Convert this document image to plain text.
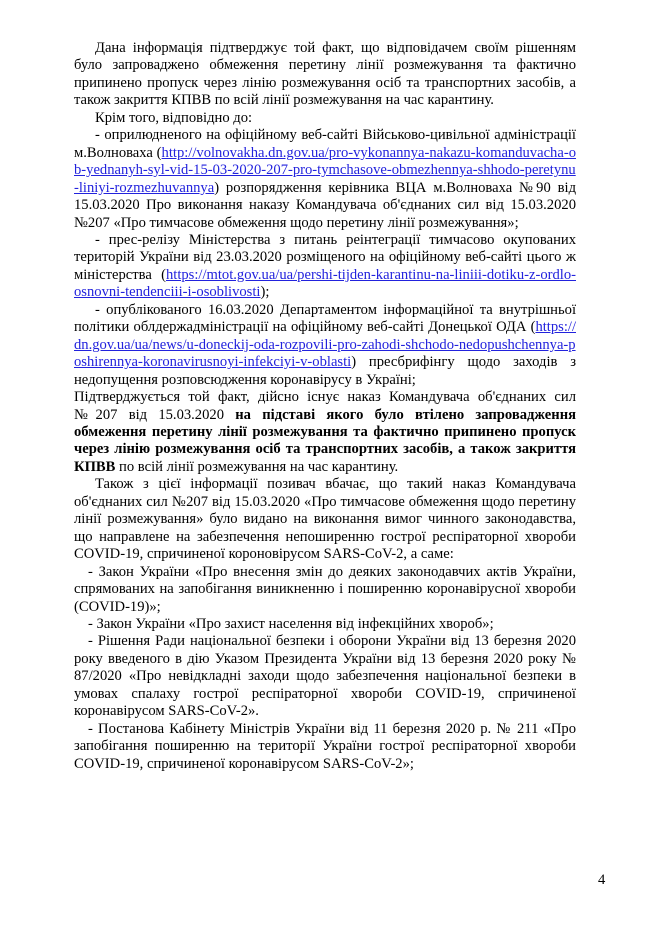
Дана інформація підтверджує той факт, що відповідачем своїм рішенням було запроваджено обмеження перетину лінії розмежування та фактично припинено пропуск через лінію розмежування осіб та транспортних засобів, а також закриття КПВВ по всій лінії розмежування на час карантину.

Крім того, відповідно до:

- оприлюдненого на офіційному веб-сайті Військово-цивільної адміністрації м.Волноваха (http://volnovakha.dn.gov.ua/pro-vykonannya-nakazu-komanduvacha-ob-yednanyh-syl-vid-15-03-2020-207-pro-tymchasove-obmezhennya-shhodo-peretynu-liniyi-rozmezhuvannya) розпорядження керівника ВЦА м.Волноваха №90 від 15.03.2020 Про виконання наказу Командувача об'єднаних сил від 15.03.2020 №207 «Про тимчасове обмеження щодо перетину лінії розмежування»;

- прес-релізу Міністерства з питань реінтеграції тимчасово окупованих територій України від 23.03.2020 розміщеного на офіційному веб-сайті цього ж міністерства (https://mtot.gov.ua/ua/pershi-tijden-karantinu-na-liniii-dotiku-z-ordlo-osnovni-tendenciii-i-osoblivosti);

- опублікованого 16.03.2020 Департаментом інформаційної та внутрішньої політики облдержадміністрації на офіційному веб-сайті Донецької ОДА (https://dn.gov.ua/ua/news/u-doneckij-oda-rozpovili-pro-zahodi-shchodo-nedopushchennya-poshirennya-koronavirusnoyi-infekciyi-v-oblasti) пресбрифінгу щодо заходів з недопущення розповсюдження коронавірусу в Україні;

Підтверджується той факт, дійсно існує наказ Командувача об'єднаних сил №207 від 15.03.2020 на підставі якого було втілено запровадження обмеження перетину лінії розмежування та фактично припинено пропуск через лінію розмежування осіб та транспортних засобів, а також закриття КПВВ по всій лінії розмежування на час карантину.

Також з цієї інформації позивач вбачає, що такий наказ Командувача об'єднаних сил №207 від 15.03.2020 «Про тимчасове обмеження щодо перетину лінії розмежування» було видано на виконання вимог чинного законодавства, що направлене на забезпечення непоширенню гострої респіраторної хвороби COVID-19, спричиненої короновірусом SARS-CoV-2, а саме:

- Закон України «Про внесення змін до деяких законодавчих актів України, спрямованих на запобігання виникненню і поширенню коронавірусної хвороби (COVID-19)»;

- Закон України «Про захист населення від інфекційних хвороб»;

- Рішення Ради національної безпеки і оборони України від 13 березня 2020 року введеного в дію Указом Президента України від 13 березня 2020 року № 87/2020 «Про невідкладні заходи щодо забезпечення національної безпеки в умовах спалаху гострої респіраторної хвороби COVID-19, спричиненої коронавірусом SARS-CoV-2».

- Постанова Кабінету Міністрів України від 11 березня 2020 р. № 211 «Про запобігання поширенню на території України гострої респіраторної хвороби COVID-19, спричиненої коронавірусом SARS-CoV-2»;

4
